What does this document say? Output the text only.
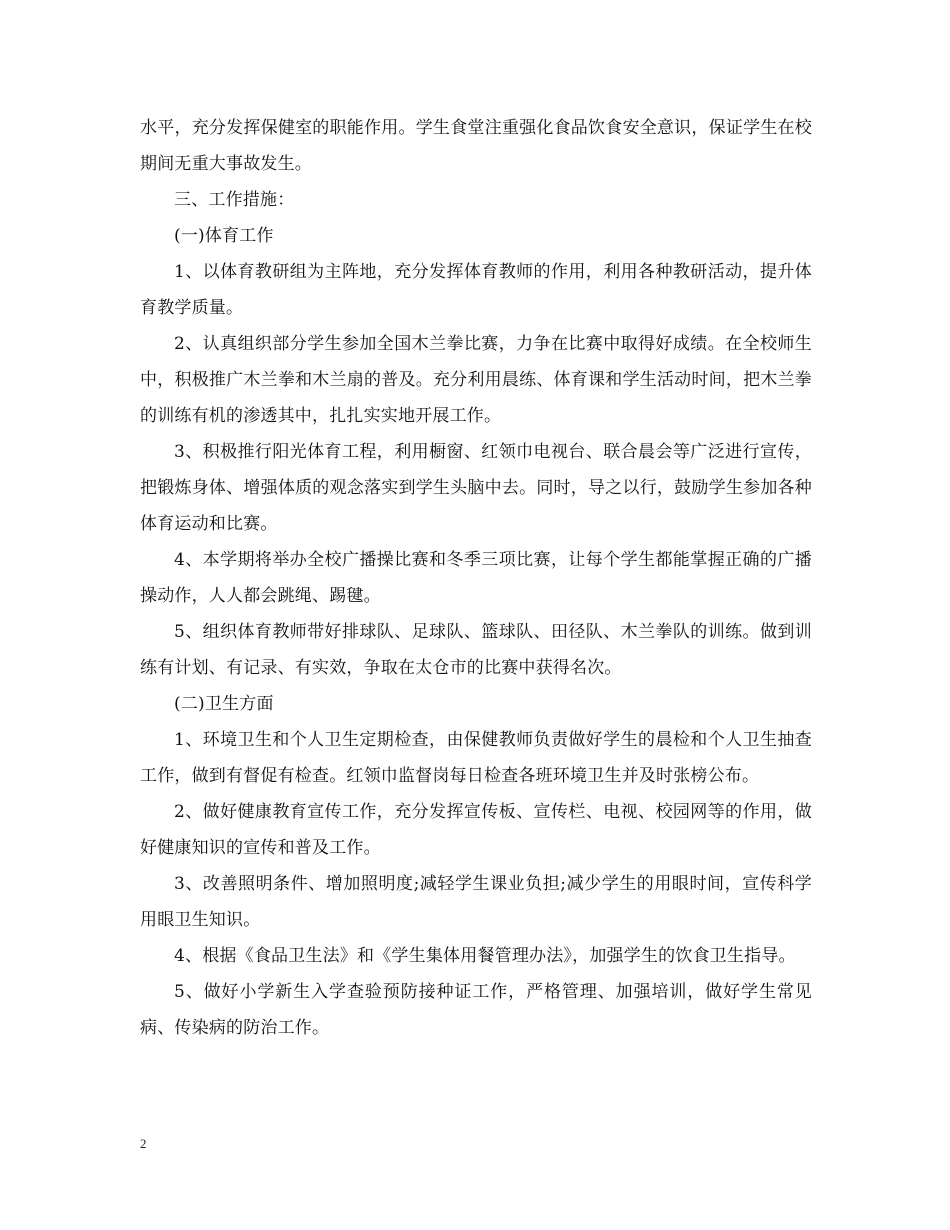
水平，充分发挥保健室的职能作用。学生食堂注重强化食品饮食安全意识，保证学生在校期间无重大事故发生。

三、工作措施：

(一)体育工作

1、以体育教研组为主阵地，充分发挥体育教师的作用，利用各种教研活动，提升体育教学质量。

2、认真组织部分学生参加全国木兰拳比赛，力争在比赛中取得好成绩。在全校师生中，积极推广木兰拳和木兰扇的普及。充分利用晨练、体育课和学生活动时间，把木兰拳的训练有机的渗透其中，扎扎实实地开展工作。

3、积极推行阳光体育工程，利用橱窗、红领巾电视台、联合晨会等广泛进行宣传，把锻炼身体、增强体质的观念落实到学生头脑中去。同时，导之以行，鼓励学生参加各种体育运动和比赛。

4、本学期将举办全校广播操比赛和冬季三项比赛，让每个学生都能掌握正确的广播操动作，人人都会跳绳、踢毽。

5、组织体育教师带好排球队、足球队、篮球队、田径队、木兰拳队的训练。做到训练有计划、有记录、有实效，争取在太仓市的比赛中获得名次。

(二)卫生方面

1、环境卫生和个人卫生定期检查，由保健教师负责做好学生的晨检和个人卫生抽查工作，做到有督促有检查。红领巾监督岗每日检查各班环境卫生并及时张榜公布。

2、做好健康教育宣传工作，充分发挥宣传板、宣传栏、电视、校园网等的作用，做好健康知识的宣传和普及工作。

3、改善照明条件、增加照明度;减轻学生课业负担;减少学生的用眼时间，宣传科学用眼卫生知识。

4、根据《食品卫生法》和《学生集体用餐管理办法》，加强学生的饮食卫生指导。

5、做好小学新生入学查验预防接种证工作，严格管理、加强培训，做好学生常见病、传染病的防治工作。

2
